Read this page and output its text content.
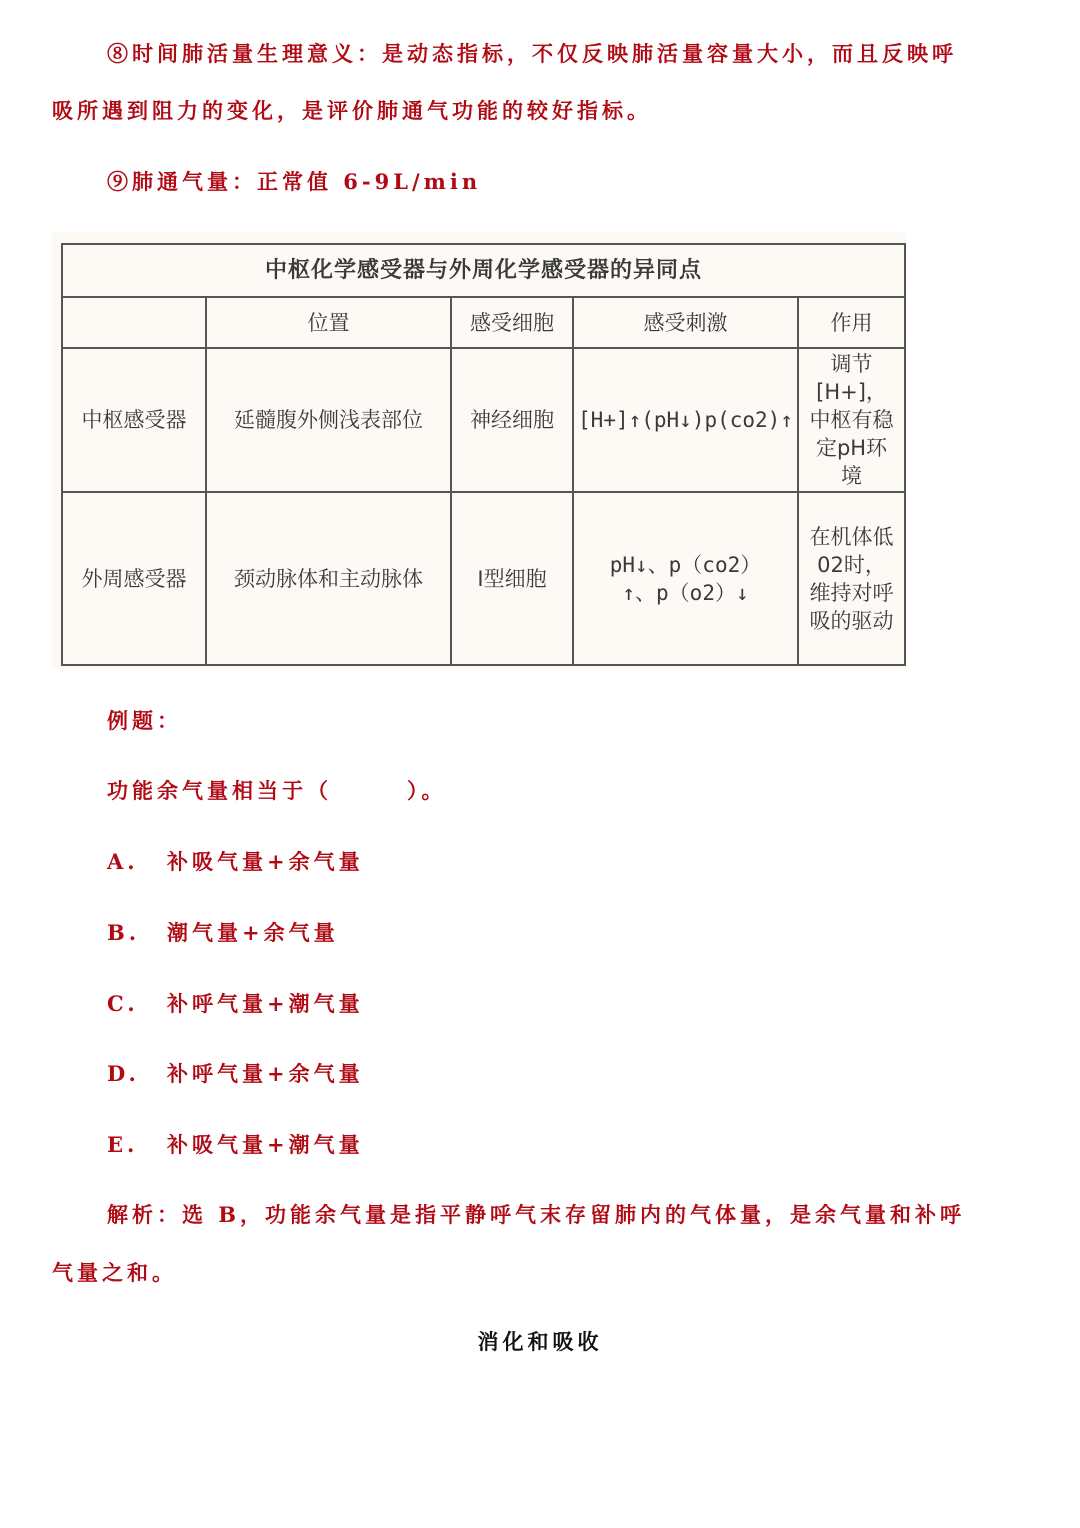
⑧时间肺活量生理意义：是动态指标，不仅反映肺活量容量大小，而且反映呼
吸所遇到阻力的变化，是评价肺通气功能的较好指标。
⑨肺通气量：正常值 6-9L/min
中枢化学感受器与外周化学感受器的异同点				
	位置	感受细胞	感受刺激	作用
中枢感受器	延髓腹外侧浅表部位	神经细胞	[H+]↑(pH↓)p(co2)↑	调节[H+]，中枢有稳定pH环境
外周感受器	颈动脉体和主动脉体	I型细胞	pH↓、p（co2）↑、p（o2）↓	在机体低02时，维持对呼吸的驱动
例题：
功能余气量相当于（　　　）。
A. 补吸气量+余气量
B. 潮气量+余气量
C. 补呼气量+潮气量
D. 补呼气量+余气量
E. 补吸气量+潮气量
解析：选 B，功能余气量是指平静呼气末存留肺内的气体量，是余气量和补呼
气量之和。
消化和吸收
